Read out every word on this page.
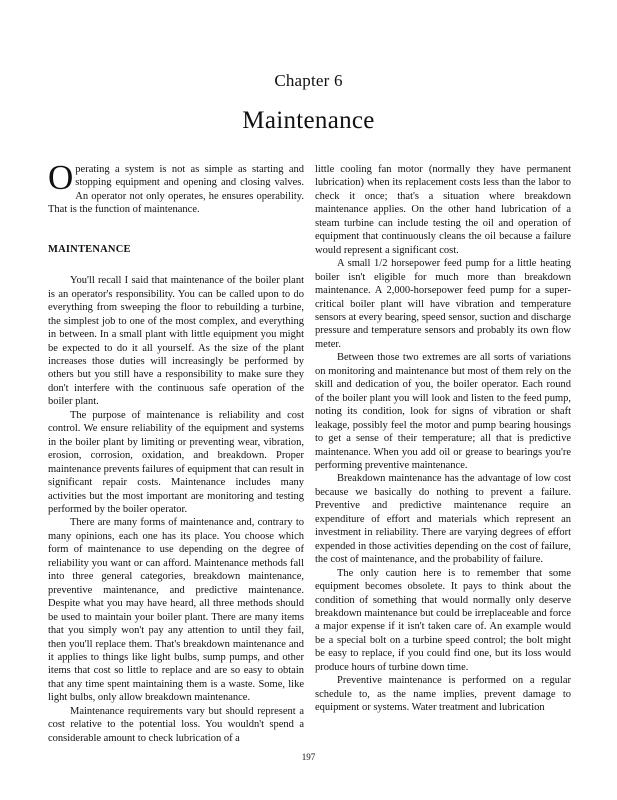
Chapter 6
Maintenance

Operating a system is not as simple as starting and stopping equipment and opening and closing valves. An operator not only operates, he ensures operability. That is the function of maintenance.

MAINTENANCE

You'll recall I said that maintenance of the boiler plant is an operator's responsibility. You can be called upon to do everything from sweeping the floor to rebuilding a turbine, the simplest job to one of the most complex, and everything in between. In a small plant with little equipment you might be expected to do it all yourself. As the size of the plant increases those duties will increasingly be performed by others but you still have a responsibility to make sure they don't interfere with the continuous safe operation of the boiler plant.

The purpose of maintenance is reliability and cost control. We ensure reliability of the equipment and systems in the boiler plant by limiting or preventing wear, vibration, erosion, corrosion, oxidation, and breakdown. Proper maintenance prevents failures of equipment that can result in significant repair costs. Maintenance includes many activities but the most important are monitoring and testing performed by the boiler operator.

There are many forms of maintenance and, contrary to many opinions, each one has its place. You choose which form of maintenance to use depending on the degree of reliability you want or can afford. Maintenance methods fall into three general categories, breakdown maintenance, preventive maintenance, and predictive maintenance. Despite what you may have heard, all three methods should be used to maintain your boiler plant. There are many items that you simply won't pay any attention to until they fail, then you'll replace them. That's breakdown maintenance and it applies to things like light bulbs, sump pumps, and other items that cost so little to replace and are so easy to obtain that any time spent maintaining them is a waste. Some, like light bulbs, only allow breakdown maintenance.

Maintenance requirements vary but should represent a cost relative to the potential loss. You wouldn't spend a considerable amount to check lubrication of a

little cooling fan motor (normally they have permanent lubrication) when its replacement costs less than the labor to check it once; that's a situation where breakdown maintenance applies. On the other hand lubrication of a steam turbine can include testing the oil and operation of equipment that continuously cleans the oil because a failure would represent a significant cost.

A small 1/2 horsepower feed pump for a little heating boiler isn't eligible for much more than breakdown maintenance. A 2,000-horsepower feed pump for a super-critical boiler plant will have vibration and temperature sensors at every bearing, speed sensor, suction and discharge pressure and temperature sensors and probably its own flow meter.

Between those two extremes are all sorts of variations on monitoring and maintenance but most of them rely on the skill and dedication of you, the boiler operator. Each round of the boiler plant you will look and listen to the feed pump, noting its condition, look for signs of vibration or shaft leakage, possibly feel the motor and pump bearing housings to get a sense of their temperature; all that is predictive maintenance. When you add oil or grease to bearings you're performing preventive maintenance.

Breakdown maintenance has the advantage of low cost because we basically do nothing to prevent a failure. Preventive and predictive maintenance require an expenditure of effort and materials which represent an investment in reliability. There are varying degrees of effort expended in those activities depending on the cost of failure, the cost of maintenance, and the probability of failure.

The only caution here is to remember that some equipment becomes obsolete. It pays to think about the condition of something that would normally only deserve breakdown maintenance but could be irreplaceable and force a major expense if it isn't taken care of. An example would be a special bolt on a turbine speed control; the bolt might be easy to replace, if you could find one, but its loss would produce hours of turbine down time.

Preventive maintenance is performed on a regular schedule to, as the name implies, prevent damage to equipment or systems. Water treatment and lubrication

197
